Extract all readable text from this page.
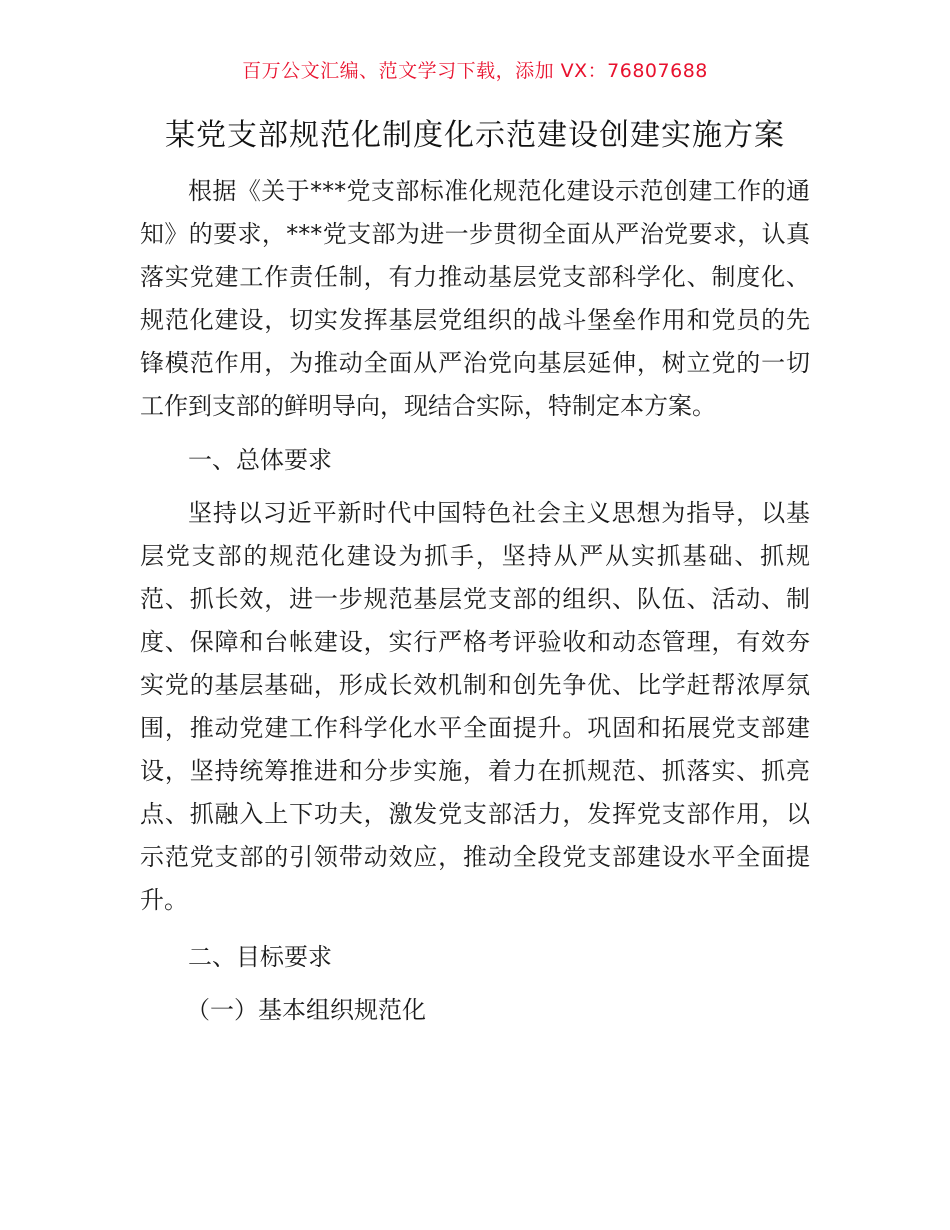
百万公文汇编、范文学习下载，添加 VX：76807688
某党支部规范化制度化示范建设创建实施方案

根据《关于***党支部标准化规范化建设示范创建工作的通知》的要求，***党支部为进一步贯彻全面从严治党要求，认真落实党建工作责任制，有力推动基层党支部科学化、制度化、规范化建设，切实发挥基层党组织的战斗堡垒作用和党员的先锋模范作用，为推动全面从严治党向基层延伸，树立党的一切工作到支部的鲜明导向，现结合实际，特制定本方案。

一、总体要求

坚持以习近平新时代中国特色社会主义思想为指导，以基层党支部的规范化建设为抓手，坚持从严从实抓基础、抓规范、抓长效，进一步规范基层党支部的组织、队伍、活动、制度、保障和台帐建设，实行严格考评验收和动态管理，有效夯实党的基层基础，形成长效机制和创先争优、比学赶帮浓厚氛围，推动党建工作科学化水平全面提升。巩固和拓展党支部建设，坚持统筹推进和分步实施，着力在抓规范、抓落实、抓亮点、抓融入上下功夫，激发党支部活力，发挥党支部作用，以示范党支部的引领带动效应，推动全段党支部建设水平全面提升。

二、目标要求
（一）基本组织规范化
